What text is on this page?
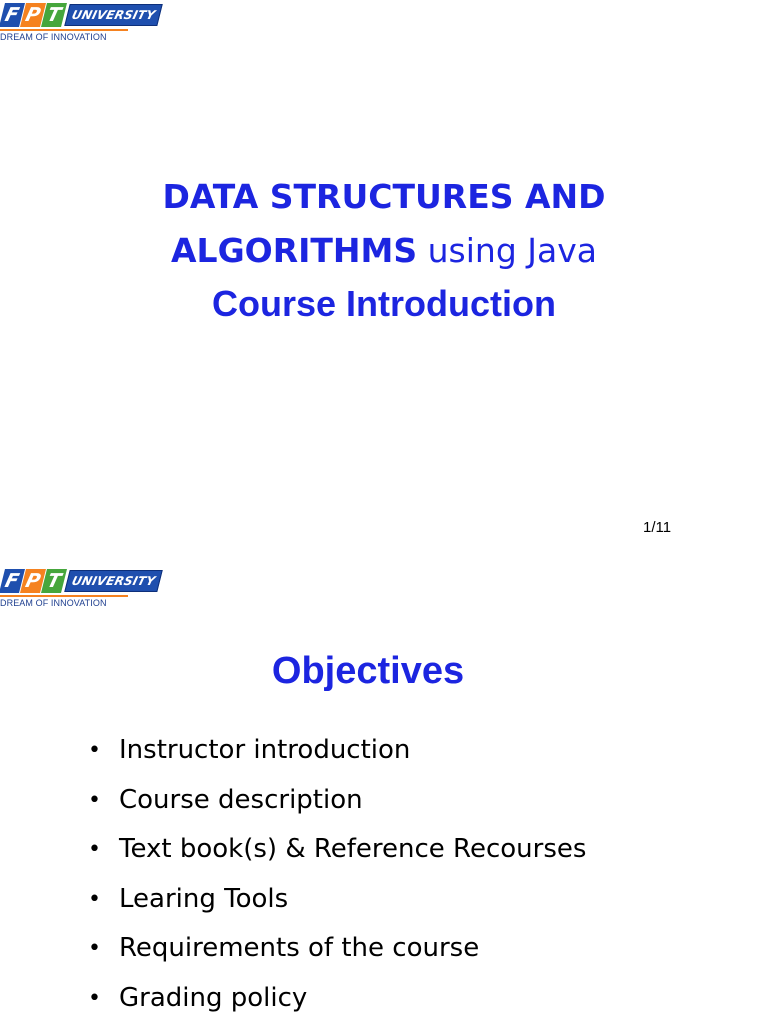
F P T UNIVERSITY
DREAM OF INNOVATION
DATA STRUCTURES AND
ALGORITHMS using Java
Course Introduction
1/11
F P T UNIVERSITY
DREAM OF INNOVATION
Objectives
• Instructor introduction
• Course description
• Text book(s) & Reference Recourses
• Learing Tools
• Requirements of the course
• Grading policy
